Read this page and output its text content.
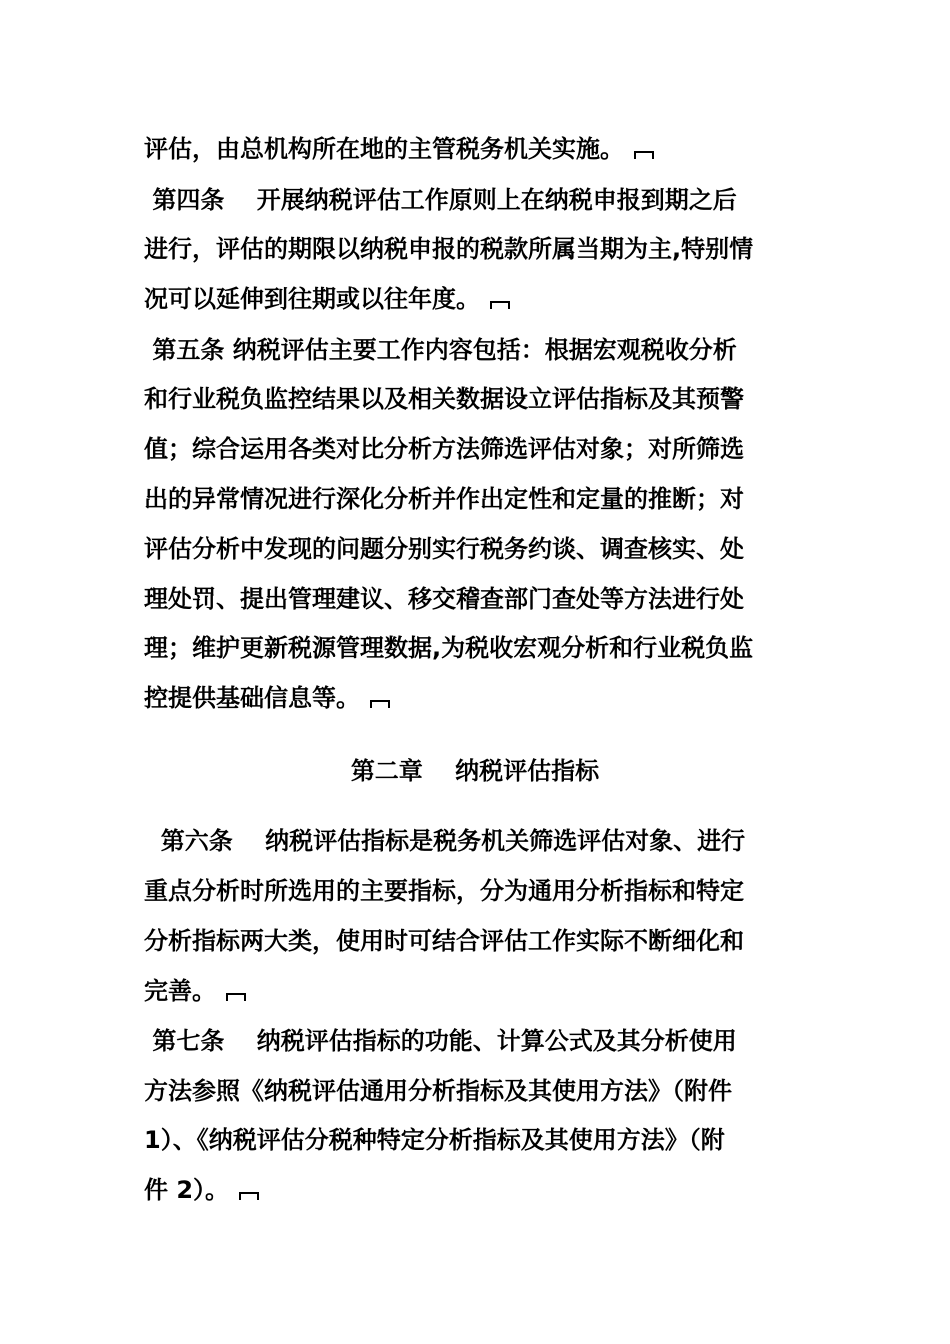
评估，由总机构所在地的主管税务机关实施。
第四条　 开展纳税评估工作原则上在纳税申报到期之后
进行，评估的期限以纳税申报的税款所属当期为主,特别情
况可以延伸到往期或以往年度。
第五条 纳税评估主要工作内容包括：根据宏观税收分析
和行业税负监控结果以及相关数据设立评估指标及其预警
值；综合运用各类对比分析方法筛选评估对象；对所筛选
出的异常情况进行深化分析并作出定性和定量的推断；对
评估分析中发现的问题分别实行税务约谈、调查核实、处
理处罚、提出管理建议、移交稽查部门查处等方法进行处
理；维护更新税源管理数据,为税收宏观分析和行业税负监
控提供基础信息等。
第二章　 纳税评估指标
第六条　 纳税评估指标是税务机关筛选评估对象、进行
重点分析时所选用的主要指标，分为通用分析指标和特定
分析指标两大类，使用时可结合评估工作实际不断细化和
完善。
第七条　 纳税评估指标的功能、计算公式及其分析使用
方法参照《纳税评估通用分析指标及其使用方法》（附件
1）、《纳税评估分税种特定分析指标及其使用方法》（附
件 2）。
